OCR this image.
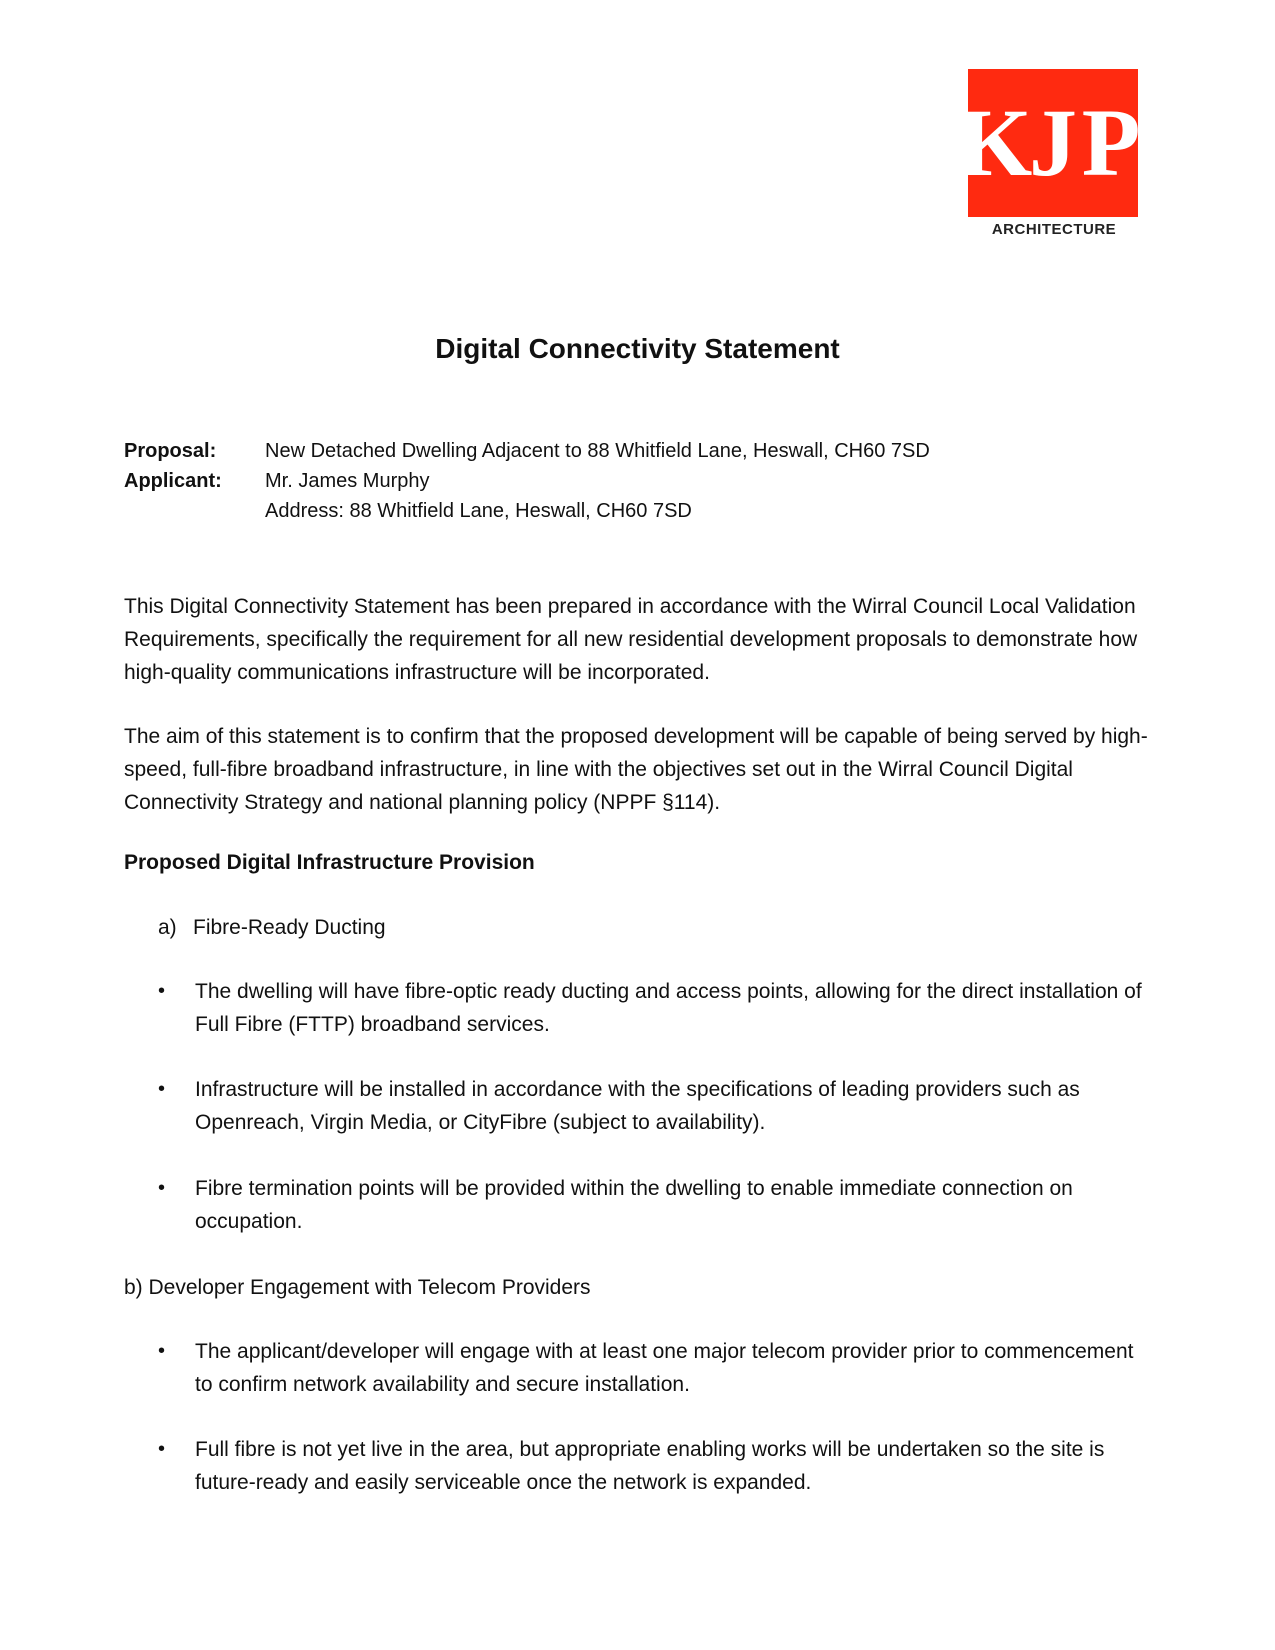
K
J P
ARCHITECTURE
Digital Connectivity Statement
Proposal:	New Detached Dwelling Adjacent to 88 Whitfield Lane, Heswall, CH60 7SD
Applicant:	Mr. James Murphy
Address: 88 Whitfield Lane, Heswall, CH60 7SD

This Digital Connectivity Statement has been prepared in accordance with the Wirral Council Local Validation Requirements, specifically the requirement for all new residential development proposals to demonstrate how high-quality communications infrastructure will be incorporated.

The aim of this statement is to confirm that the proposed development will be capable of being served by high-speed, full-fibre broadband infrastructure, in line with the objectives set out in the Wirral Council Digital Connectivity Strategy and national planning policy (NPPF §114).

Proposed Digital Infrastructure Provision
a) Fibre-Ready Ducting
•	The dwelling will have fibre-optic ready ducting and access points, allowing for the direct installation of Full Fibre (FTTP) broadband services.
•	Infrastructure will be installed in accordance with the specifications of leading providers such as Openreach, Virgin Media, or CityFibre (subject to availability).
•	Fibre termination points will be provided within the dwelling to enable immediate connection on occupation.
b) Developer Engagement with Telecom Providers
•	The applicant/developer will engage with at least one major telecom provider prior to commencement to confirm network availability and secure installation.
•	Full fibre is not yet live in the area, but appropriate enabling works will be undertaken so the site is future-ready and easily serviceable once the network is expanded.
